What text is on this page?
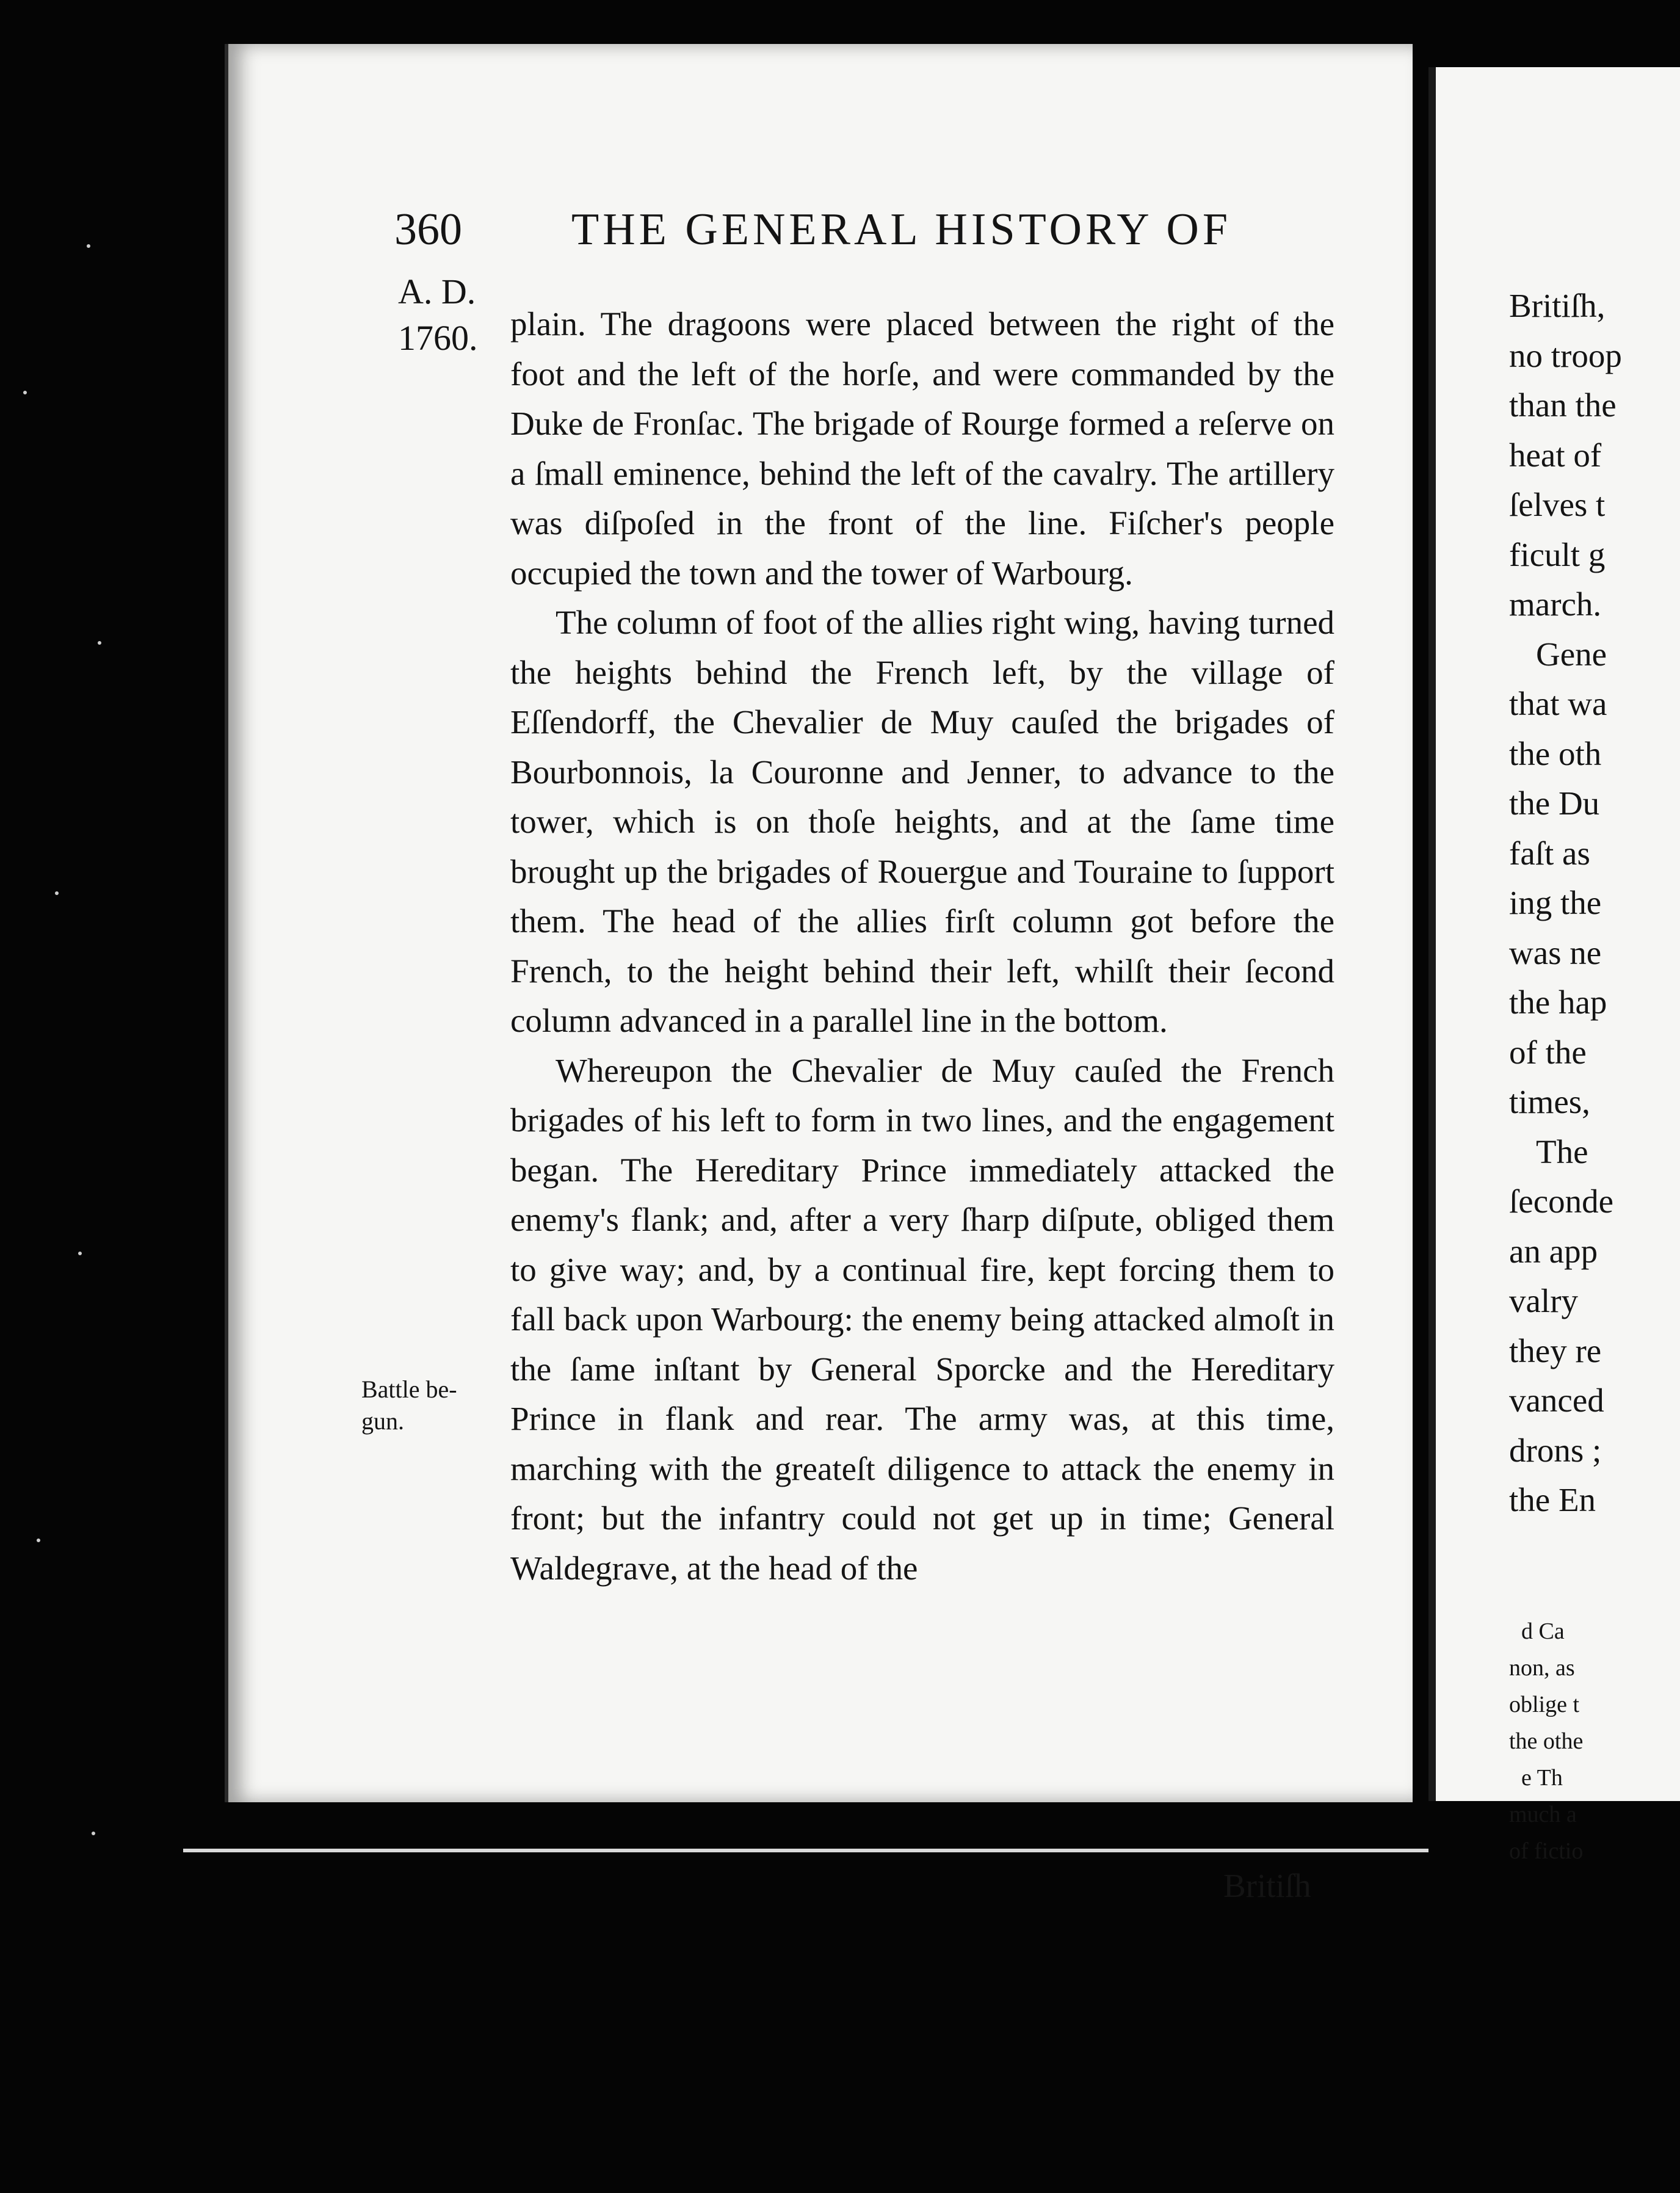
360 THE GENERAL HISTORY OF
A. D.
1760.
Battle be-
gun.

plain. The dragoons were placed between the right of the foot and the left of the horſe, and were commanded by the Duke de Fronſac. The brigade of Rourge formed a reſerve on a ſmall eminence, behind the left of the cavalry. The artillery was diſpoſed in the front of the line. Fiſcher's people occupied the town and the tower of Warbourg.

The column of foot of the allies right wing, having turned the heights behind the French left, by the village of Eſſendorff, the Chevalier de Muy cauſed the brigades of Bourbonnois, la Couronne and Jenner, to advance to the tower, which is on thoſe heights, and at the ſame time brought up the brigades of Rouergue and Touraine to ſupport them. The head of the allies firſt column got before the French, to the height behind their left, whilſt their ſecond column advanced in a parallel line in the bottom.

Whereupon the Chevalier de Muy cauſed the French brigades of his left to form in two lines, and the engagement began. The Hereditary Prince immediately attacked the enemy's flank; and, after a very ſharp diſpute, obliged them to give way; and, by a continual fire, kept forcing them to fall back upon Warbourg: the enemy being attacked almoſt in the ſame inſtant by General Sporcke and the Hereditary Prince in flank and rear. The army was, at this time, marching with the greateſt diligence to attack the enemy in front; but the infantry could not get up in time; General Waldegrave, at the head of the

Britiſh
Britiſh,
no troop
than the
heat of
ſelves t
ficult g
march.
Gene
that wa
the oth
the Du
faſt as
ing the
was ne
the hap
of the
times,
The
ſeconde
an app
valry
they re
vanced
drons ;
the En
d Ca
non, as
oblige t
the othe
e Th
much a
of fictio
